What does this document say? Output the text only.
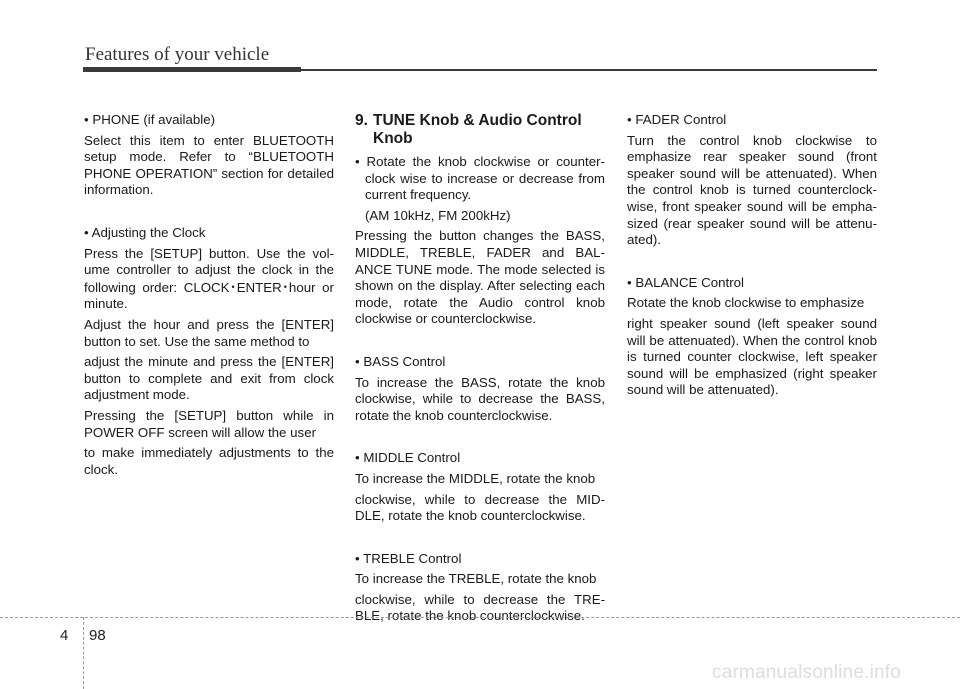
Features of your vehicle

• PHONE (if available)

Select this item to enter BLUETOOTH setup mode. Refer to “BLUETOOTH PHONE OPERATION” section for detailed information.

• Adjusting the Clock

Press the [SETUP] button. Use the vol- ume controller to adjust the clock in the following order: CLOCK • ENTER • hour or minute.

Adjust the hour and press the [ENTER] button to set. Use the same method to

adjust the minute and press the [ENTER] button to complete and exit from clock adjustment mode.

Pressing the [SETUP] button while in POWER OFF screen will allow the user

to make immediately adjustments to the clock.

9. TUNE Knob & Audio Control
Knob

• Rotate the knob clockwise or counter- clock wise to increase or decrease from current frequency.

(AM 10kHz, FM 200kHz)

Pressing the button changes the BASS, MIDDLE, TREBLE, FADER and BAL- ANCE TUNE mode. The mode selected is shown on the display. After selecting each mode, rotate the Audio control knob clockwise or counterclockwise.

• BASS Control

To increase the BASS, rotate the knob clockwise, while to decrease the BASS, rotate the knob counterclockwise.

• MIDDLE Control

To increase the MIDDLE, rotate the knob

clockwise, while to decrease the MID- DLE, rotate the knob counterclockwise.

• TREBLE Control

To increase the TREBLE, rotate the knob

clockwise, while to decrease the TRE- BLE, rotate the knob counterclockwise.

• FADER Control

Turn the control knob clockwise to emphasize rear speaker sound (front speaker sound will be attenuated). When the control knob is turned counterclock- wise, front speaker sound will be empha- sized (rear speaker sound will be attenu- ated).

• BALANCE Control

Rotate the knob clockwise to emphasize

right speaker sound (left speaker sound will be attenuated). When the control knob is turned counter clockwise, left speaker sound will be emphasized (right speaker sound will be attenuated).

4 98
carmanualsonline.info
